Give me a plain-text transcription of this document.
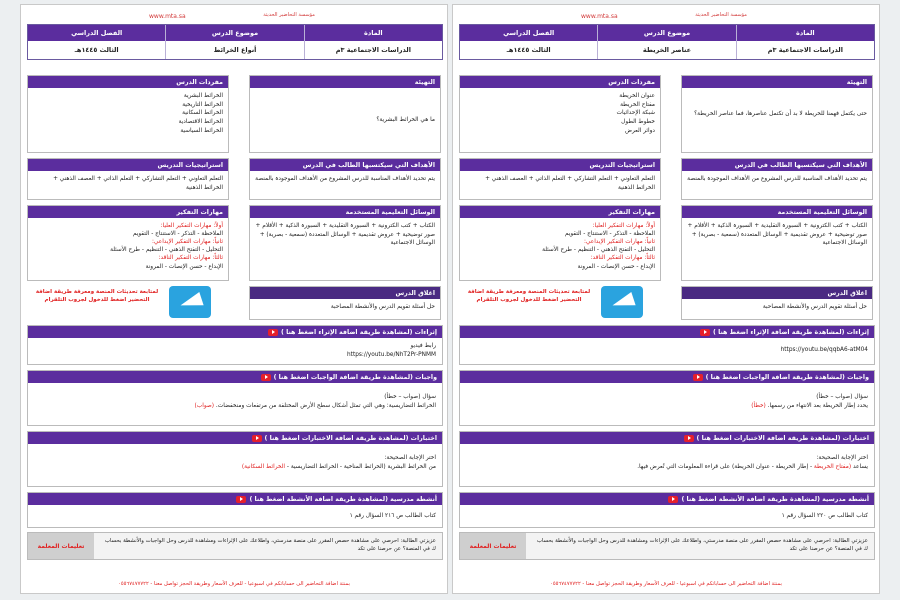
مؤسسة التحاضير الحديثة
www.mta.sa
المادة
موضوع الدرس
الفصل الدراسي
الدراسات الاجتماعية ٣م
أنواع الخرائط
الثالث ١٤٤٥هـ
التهيئة
ما هي الخرائط البشرية؟
مفردات الدرس
الخرائط البشرية
الخرائط التاريخية
الخرائط السكانية
الخرائط الاقتصادية
الخرائط السياسية
الأهداف التي سيكتسبها الطالب في الدرس
يتم تحديد الأهداف المناسبة للدرس المشروع من الأهداف الموجودة بالمنصة
استراتيجيات التدريس
التعلم التعاوني + التعلم التشاركي + التعلم الذاتي + العصف الذهني + الخرائط الذهنية
الوسائل التعليمية المستخدمة
الكتاب + كتب الكترونية + السبورة التقليدية + السبورة الذكية + الأقلام + صور توضيحية + عروض تقديمية + الوسائل المتعددة (سمعية - بصرية) + الوسائل الاجتماعية
مهارات التفكير
أولاً: مهارات التفكير العليا:
الملاحظة - التذكر - الاستنتاج - التقويم
ثانياً: مهارات التفكير الإبداعي:
التحليل - التفتح الذهني - التنظيم - طرح الأسئلة
ثالثاً: مهارات التفكير الناقد:
الإبداع - حسن الإنصات - المرونة
اغلاق الدرس
حل أسئلة تقويم الدرس والأنشطة المصاحبة
لمتابعة تحديثات المنصة ومعرفة طريقة اضافة التحضير اضغط للدخول لجروب التلقرام
إثراءات (لمشاهدة طريقة اضافة الإثراء اضغط هنا )
رابط فيديو
https://youtu.be/NhT2Pr-PNMM
واجبات (لمشاهدة طريقة اضافة الواجبات اضغط هنا )
سؤال (صواب – خطأ)
الخرائط التضاريسية: وهي التي تمثل أشكال سطح الأرض المختلفة من مرتفعات ومنخفضات. (صواب)
اختبارات (لمشاهدة طريقة اضافة الاختبارات اضغط هنا )
اختر الإجابة الصحيحة:
من الخرائط البشرية (الخرائط المناخية - الخرائط التضاريسية - الخرائط السكانية)
أنشطة مدرسية (لمشاهدة طريقة اضافة الأنشطة اضغط هنا )
كتاب الطالب ص ٢١٦ السؤال رقم ١
عزيزتي الطالبة: احرصي على مشاهدة حصص المقرر على منصة مدرستي، واطلاعك على الإثراءات ومشاهدة للدرس وحل الواجبات والأنشطة بحساب ك في المنصة؟ عن حرصنا على تكد
تعليمات المعلمة
بمنتة اضافة التحاضير الى حساباتكم في اسبوعيا - للعرف الأسعار وطريقة الحجز تواصل معنا - ٠٥٥٦٧٤٧٧٧٢٢
مؤسسة التحاضير الحديثة
www.mta.sa
المادة
موضوع الدرس
الفصل الدراسي
الدراسات الاجتماعية ٣م
عناصر الخريطة
الثالث ١٤٤٥هـ
التهيئة
حتى يكتمل فهمنا للخريطة لا بد أن تكتمل عناصرها، فما عناصر الخريطة؟
مفردات الدرس
عنوان الخريطة
مفتاح الخريطة
شبكة الإحداثيات
خطوط الطول
دوائر العرض
الأهداف التي سيكتسبها الطالب في الدرس
يتم تحديد الأهداف المناسبة للدرس المشروع من الأهداف الموجودة بالمنصة
استراتيجيات التدريس
التعلم التعاوني + التعلم التشاركي + التعلم الذاتي + العصف الذهني + الخرائط الذهنية
الوسائل التعليمية المستخدمة
الكتاب + كتب الكترونية + السبورة التقليدية + السبورة الذكية + الأقلام + صور توضيحية + عروض تقديمية + الوسائل المتعددة (سمعية - بصرية) + الوسائل الاجتماعية
مهارات التفكير
أولاً: مهارات التفكير العليا:
الملاحظة - التذكر - الاستنتاج - التقويم
ثانياً: مهارات التفكير الإبداعي:
التحليل - التفتح الذهني - التنظيم - طرح الأسئلة
ثالثاً: مهارات التفكير الناقد:
الإبداع - حسن الإنصات - المرونة
اغلاق الدرس
حل أسئلة تقويم الدرس والأنشطة المصاحبة
لمتابعة تحديثات المنصة ومعرفة طريقة اضافة التحضير اضغط للدخول لجروب التلقرام
إثراءات (لمشاهدة طريقة اضافة الإثراء اضغط هنا )
https://youtu.be/qqbA6-atM04
واجبات (لمشاهدة طريقة اضافة الواجبات اضغط هنا )
سؤال (صواب – خطأ)
يحدد إطار الخريطة بعد الانتهاء من رسمها. (خطأ)
اختبارات (لمشاهدة طريقة اضافة الاختبارات اضغط هنا )
اختر الإجابة الصحيحة:
يساعد (مفتاح الخريطة - إطار الخريطة - عنوان الخريطة) على قراءة المعلومات التي تُعرض فيها.
أنشطة مدرسية (لمشاهدة طريقة اضافة الأنشطة اضغط هنا )
كتاب الطالب ص ٢٢٠ السؤال رقم ١
عزيزتي الطالبة: احرصي على مشاهدة حصص المقرر على منصة مدرستي، واطلاعك على الإثراءات ومشاهدة للدرس وحل الواجبات والأنشطة بحساب ك في المنصة؟ عن حرصنا على تكد
تعليمات المعلمة
بمنتة اضافة التحاضير الى حساباتكم في اسبوعيا - للعرف الأسعار وطريقة الحجز تواصل معنا - ٠٥٥٦٧٤٧٧٧٢٢
